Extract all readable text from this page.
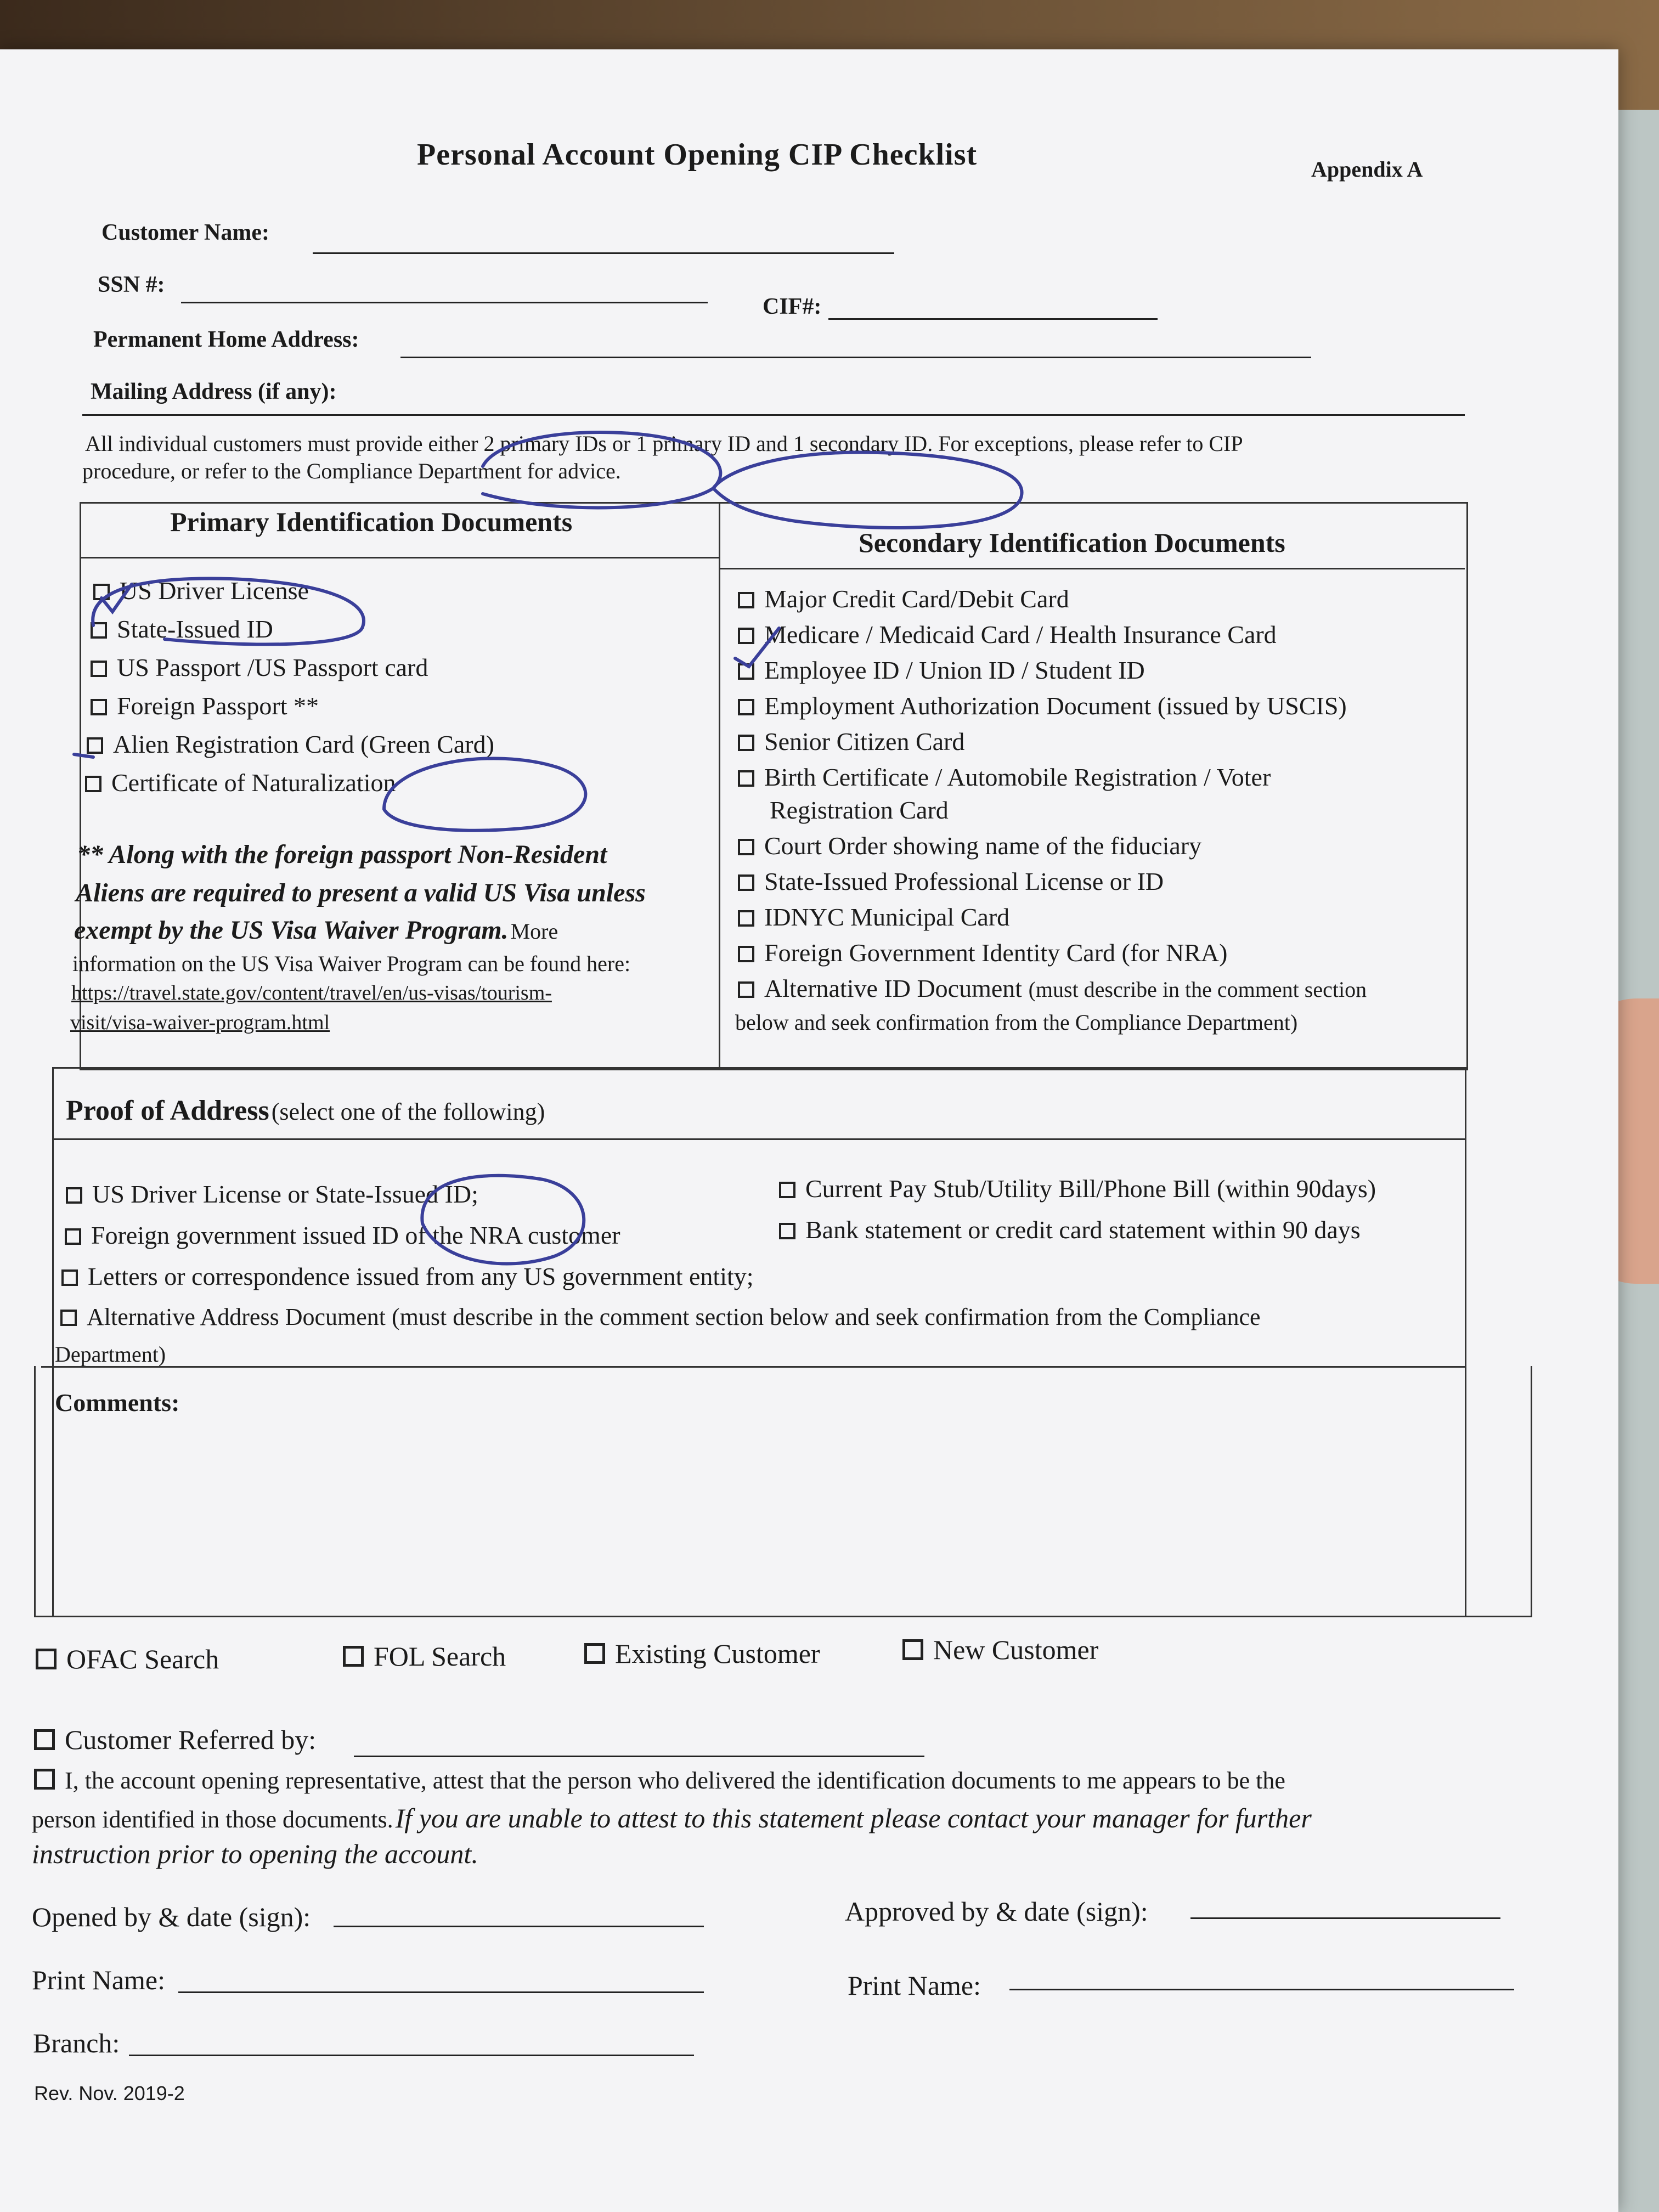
Personal Account Opening CIP Checklist	Appendix A
Customer Name:
SSN #:
CIF#:
Permanent Home Address:
Mailing Address (if any):
All individual customers must provide either 2 primary IDs or 1 primary ID and 1 secondary ID. For exceptions, please refer to CIP
procedure, or refer to the Compliance Department for advice.
Primary Identification Documents
Secondary Identification Documents
US Driver License
State-Issued ID
US Passport /US Passport card
Foreign Passport **
Alien Registration Card (Green Card)
Certificate of Naturalization
** Along with the foreign passport Non-Resident
Aliens are required to present a valid US Visa unless
exempt by the US Visa Waiver Program. More
information on the US Visa Waiver Program can be found here:
https://travel.state.gov/content/travel/en/us-visas/tourism-
visit/visa-waiver-program.html
Major Credit Card/Debit Card
Medicare / Medicaid Card / Health Insurance Card
Employee ID / Union ID / Student ID
Employment Authorization Document (issued by USCIS)
Senior Citizen Card
Birth Certificate / Automobile Registration / Voter
Registration Card
Court Order showing name of the fiduciary
State-Issued Professional License or ID
IDNYC Municipal Card
Foreign Government Identity Card (for NRA)
Alternative ID Document (must describe in the comment section
below and seek confirmation from the Compliance Department)
Proof of Address (select one of the following)
US Driver License or State-Issued ID;	Current Pay Stub/Utility Bill/Phone Bill (within 90days)
Foreign government issued ID of the NRA customer	Bank statement or credit card statement within 90 days
Letters or correspondence issued from any US government entity;
Alternative Address Document (must describe in the comment section below and seek confirmation from the Compliance
Department)
Comments:
OFAC Search	FOL Search	Existing Customer	New Customer
Customer Referred by:
I, the account opening representative, attest that the person who delivered the identification documents to me appears to be the
person identified in those documents. If you are unable to attest to this statement please contact your manager for further
instruction prior to opening the account.
Opened by & date (sign):	Approved by & date (sign):
Print Name:	Print Name:
Branch:
Rev. Nov. 2019-2
